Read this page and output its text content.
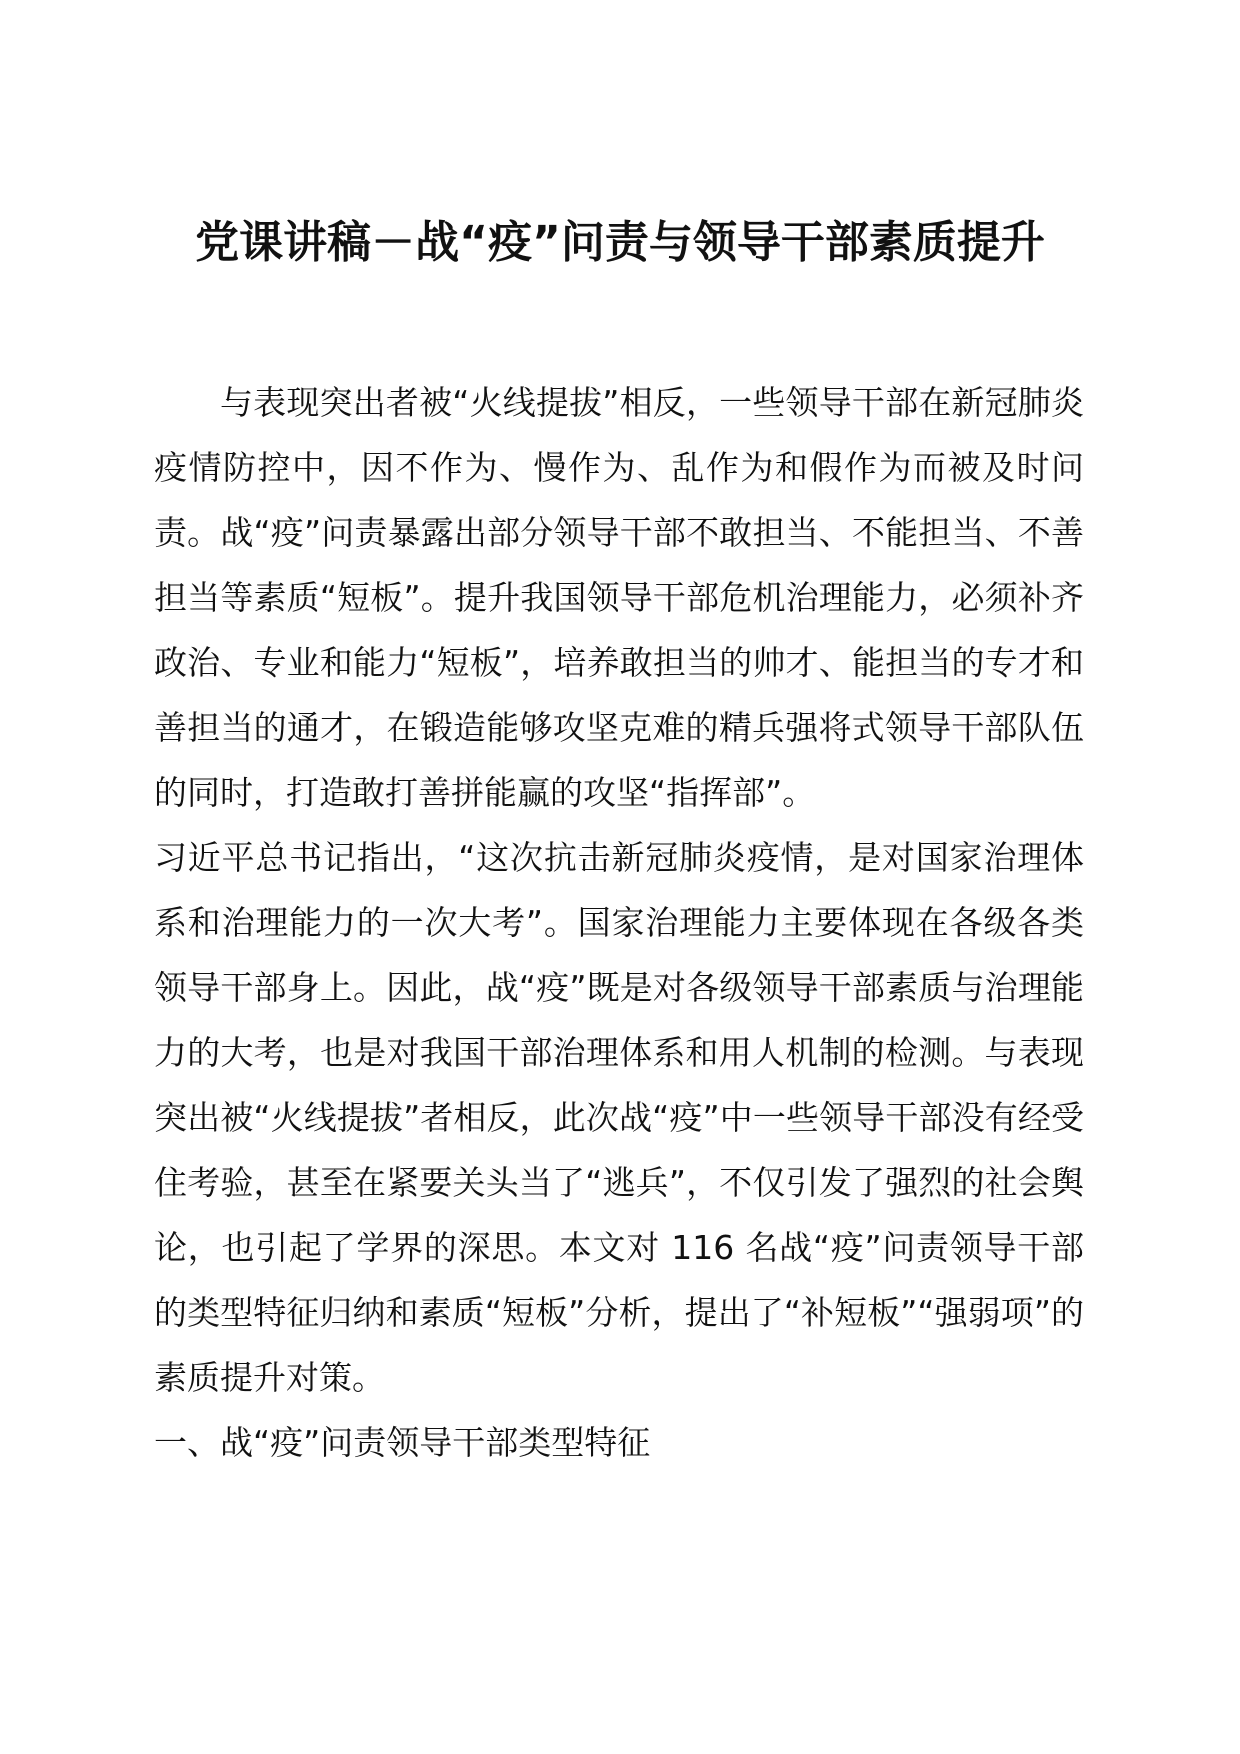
党课讲稿－战“疫”问责与领导干部素质提升

与表现突出者被“火线提拔”相反，一些领导干部在新冠肺炎疫情防控中，因不作为、慢作为、乱作为和假作为而被及时问责。战“疫”问责暴露出部分领导干部不敢担当、不能担当、不善担当等素质“短板”。提升我国领导干部危机治理能力，必须补齐政治、专业和能力“短板”，培养敢担当的帅才、能担当的专才和善担当的通才，在锻造能够攻坚克难的精兵强将式领导干部队伍的同时，打造敢打善拼能赢的攻坚“指挥部”。

习近平总书记指出，“这次抗击新冠肺炎疫情，是对国家治理体系和治理能力的一次大考”。国家治理能力主要体现在各级各类领导干部身上。因此，战“疫”既是对各级领导干部素质与治理能力的大考，也是对我国干部治理体系和用人机制的检测。与表现突出被“火线提拔”者相反，此次战“疫”中一些领导干部没有经受住考验，甚至在紧要关头当了“逃兵”，不仅引发了强烈的社会舆论，也引起了学界的深思。本文对 116 名战“疫”问责领导干部的类型特征归纳和素质“短板”分析，提出了“补短板”“强弱项”的素质提升对策。

一、战“疫”问责领导干部类型特征
